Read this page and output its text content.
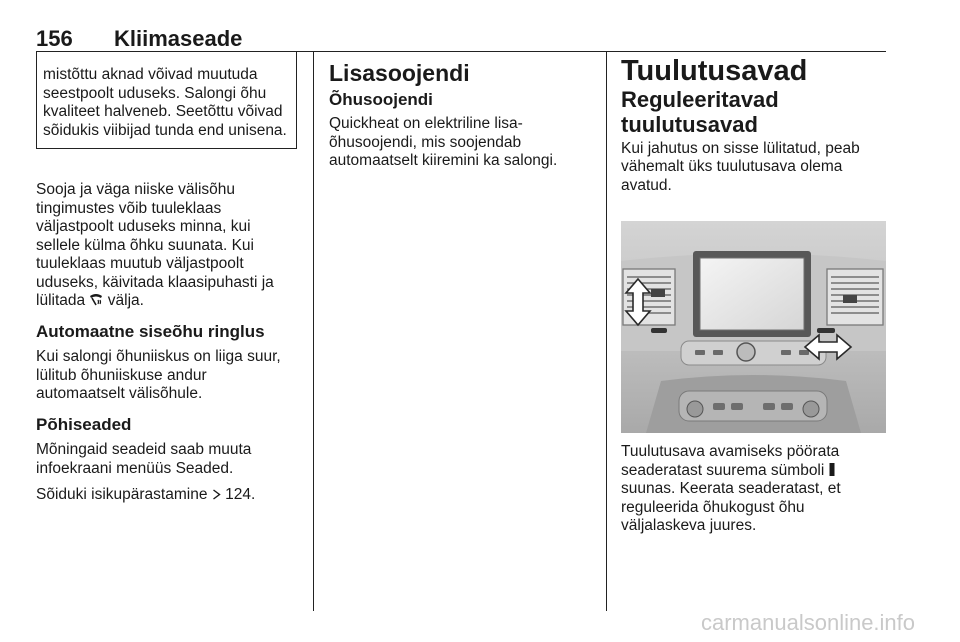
156 Kliimaseade

mistõttu aknad võivad muutuda seestpoolt uduseks. Salongi õhu kvaliteet halveneb. Seetõttu võivad sõidukis viibijad tunda end unisena.

Sooja ja väga niiske välisõhu tingimustes võib tuuleklaas väljastpoolt uduseks minna, kui sellele külma õhku suunata. Kui tuuleklaas muutub väljastpoolt uduseks, käivitada klaasipuhasti ja lülitada välja.

Automaatne siseõhu ringlus

Kui salongi õhuniiskus on liiga suur, lülitub õhuniiskuse andur automaatselt välisõhule.

Põhiseaded

Mõningaid seadeid saab muuta infoekraani menüüs Seaded.

Sõiduki isikupärastamine 124.

Lisasoojendi
Õhusoojendi

Quickheat on elektriline lisa-õhusoojendi, mis soojendab automaatselt kiiremini ka salongi.

Tuulutusavad
Reguleeritavad tuulutusavad

Kui jahutus on sisse lülitatud, peab vähemalt üks tuulutusava olema avatud.

Tuulutusava avamiseks pöörata seaderatast suurema sümboli  suunas. Keerata seaderatast, et reguleerida õhukogust õhu väljalaskeva juures.

carmanualsonline.info
